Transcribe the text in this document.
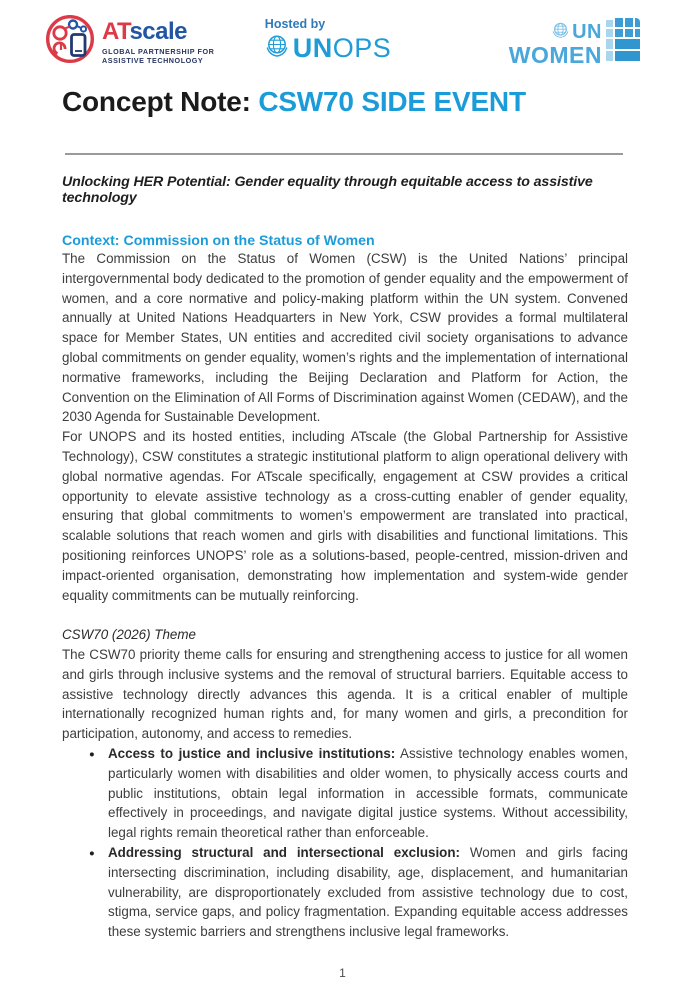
ATscale
GLOBAL PARTNERSHIP FOR
ASSISTIVE TECHNOLOGY
Hosted by
UNOPS
UN
WOMEN
Concept Note: CSW70 SIDE EVENT
Unlocking HER Potential: Gender equality through equitable access to assistive technology
Context: Commission on the Status of Women

The Commission on the Status of Women (CSW) is the United Nations’ principal intergovernmental body dedicated to the promotion of gender equality and the empowerment of women, and a core normative and policy-making platform within the UN system. Convened annually at United Nations Headquarters in New York, CSW provides a formal multilateral space for Member States, UN entities and accredited civil society organisations to advance global commitments on gender equality, women’s rights and the implementation of international normative frameworks, including the Beijing Declaration and Platform for Action, the Convention on the Elimination of All Forms of Discrimination against Women (CEDAW), and the 2030 Agenda for Sustainable Development.

For UNOPS and its hosted entities, including ATscale (the Global Partnership for Assistive Technology), CSW constitutes a strategic institutional platform to align operational delivery with global normative agendas. For ATscale specifically, engagement at CSW provides a critical opportunity to elevate assistive technology as a cross-cutting enabler of gender equality, ensuring that global commitments to women’s empowerment are translated into practical, scalable solutions that reach women and girls with disabilities and functional limitations. This positioning reinforces UNOPS’ role as a solutions-based, people-centred, mission-driven and impact-oriented organisation, demonstrating how implementation and system-wide gender equality commitments can be mutually reinforcing.

CSW70 (2026) Theme

The CSW70 priority theme calls for ensuring and strengthening access to justice for all women and girls through inclusive systems and the removal of structural barriers. Equitable access to assistive technology directly advances this agenda. It is a critical enabler of multiple internationally recognized human rights and, for many women and girls, a precondition for participation, autonomy, and access to remedies.

● Access to justice and inclusive institutions: Assistive technology enables women, particularly women with disabilities and older women, to physically access courts and public institutions, obtain legal information in accessible formats, communicate effectively in proceedings, and navigate digital justice systems. Without accessibility, legal rights remain theoretical rather than enforceable.
● Addressing structural and intersectional exclusion: Women and girls facing intersecting discrimination, including disability, age, displacement, and humanitarian vulnerability, are disproportionately excluded from assistive technology due to cost, stigma, service gaps, and policy fragmentation. Expanding equitable access addresses these systemic barriers and strengthens inclusive legal frameworks.
1
